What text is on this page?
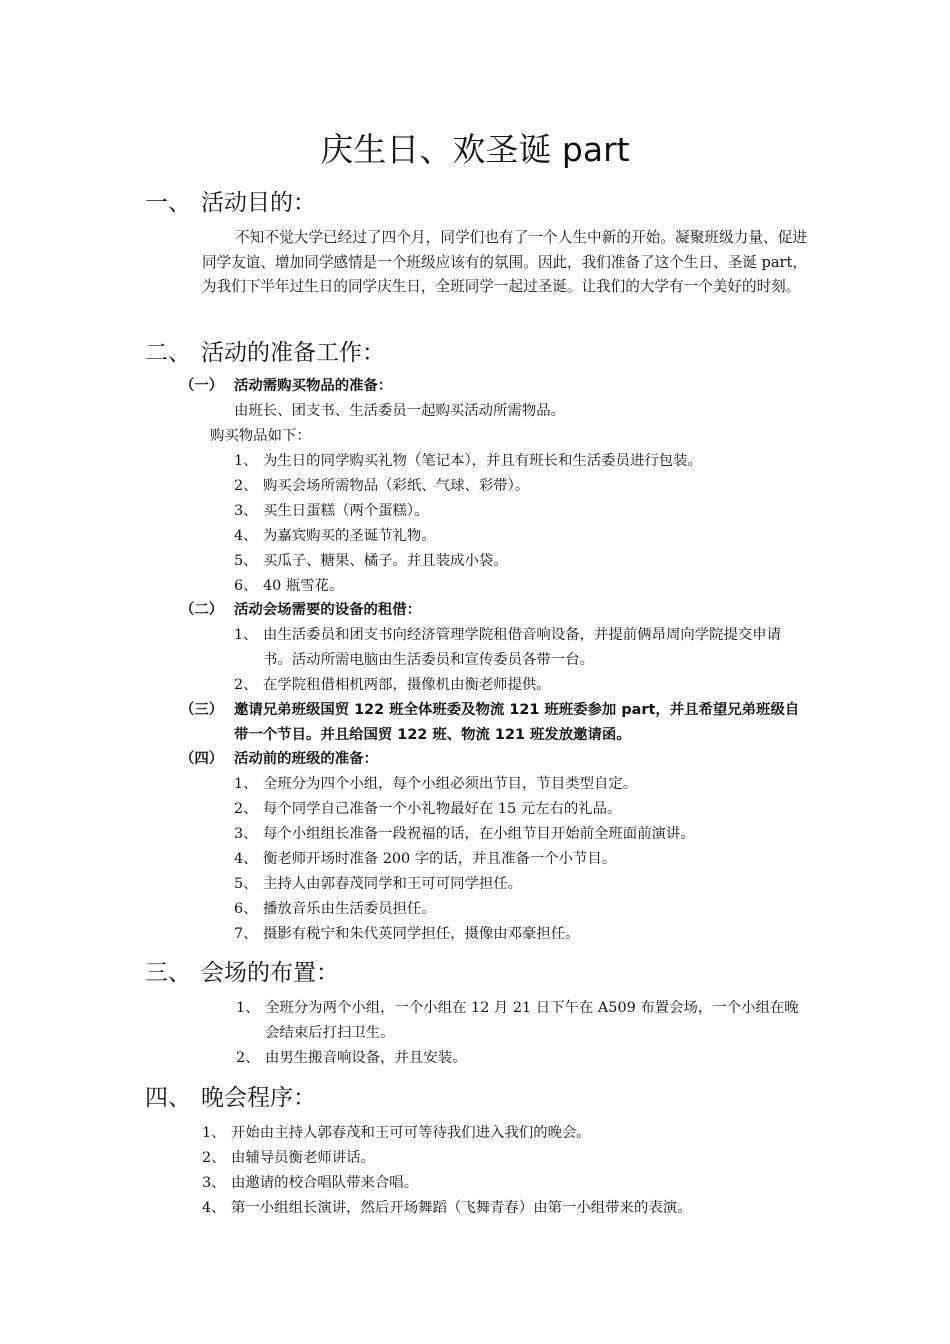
庆生日、欢圣诞 part
一、 活动目的：
不知不觉大学已经过了四个月，同学们也有了一个人生中新的开始。凝聚班级力量、促进同学友谊、增加同学感情是一个班级应该有的氛围。因此，我们准备了这个生日、圣诞 part，为我们下半年过生日的同学庆生日，全班同学一起过圣诞。让我们的大学有一个美好的时刻。
二、 活动的准备工作：
（一） 活动需购买物品的准备：
由班长、团支书、生活委员一起购买活动所需物品。
购买物品如下：
1、 为生日的同学购买礼物（笔记本），并且有班长和生活委员进行包装。
2、 购买会场所需物品（彩纸、气球、彩带）。
3、 买生日蛋糕（两个蛋糕）。
4、 为嘉宾购买的圣诞节礼物。
5、 买瓜子、糖果、橘子。并且装成小袋。
6、 40 瓶雪花。
（二） 活动会场需要的设备的租借：
1、 由生活委员和团支书向经济管理学院租借音响设备，并提前俩昂周向学院提交申请书。活动所需电脑由生活委员和宣传委员各带一台。
2、 在学院租借相机两部，摄像机由衡老师提供。
（三） 邀请兄弟班级国贸 122 班全体班委及物流 121 班班委参加 part，并且希望兄弟班级自带一个节目。并且给国贸 122 班、物流 121 班发放邀请函。
（四） 活动前的班级的准备：
1、 全班分为四个小组，每个小组必须出节目，节目类型自定。
2、 每个同学自己准备一个小礼物最好在 15 元左右的礼品。
3、 每个小组组长准备一段祝福的话，在小组节目开始前全班面前演讲。
4、 衡老师开场时准备 200 字的话，并且准备一个小节目。
5、 主持人由郭春茂同学和王可可同学担任。
6、 播放音乐由生活委员担任。
7、 摄影有税宁和朱代英同学担任，摄像由邓豪担任。
三、 会场的布置：
1、 全班分为两个小组，一个小组在 12 月 21 日下午在 A509 布置会场，一个小组在晚会结束后打扫卫生。
2、 由男生搬音响设备，并且安装。
四、 晚会程序：
1、 开始由主持人郭春茂和王可可等待我们进入我们的晚会。
2、 由辅导员衡老师讲话。
3、 由邀请的校合唱队带来合唱。
4、 第一小组组长演讲，然后开场舞蹈（飞舞青春）由第一小组带来的表演。
